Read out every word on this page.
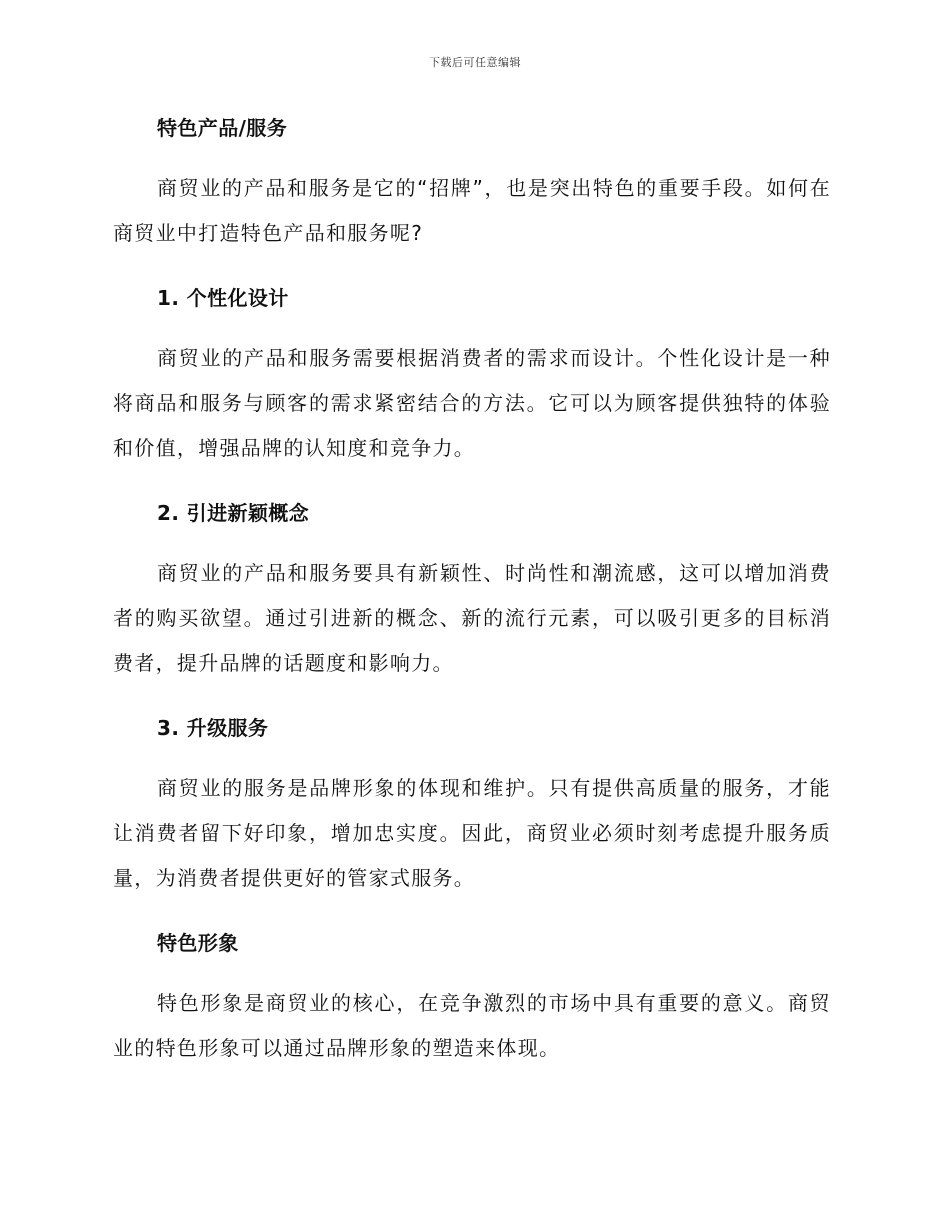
下载后可任意编辑
特色产品/服务

商贸业的产品和服务是它的“招牌”，也是突出特色的重要手段。如何在商贸业中打造特色产品和服务呢?

1. 个性化设计

商贸业的产品和服务需要根据消费者的需求而设计。个性化设计是一种将商品和服务与顾客的需求紧密结合的方法。它可以为顾客提供独特的体验和价值，增强品牌的认知度和竞争力。

2. 引进新颖概念

商贸业的产品和服务要具有新颖性、时尚性和潮流感，这可以增加消费者的购买欲望。通过引进新的概念、新的流行元素，可以吸引更多的目标消费者，提升品牌的话题度和影响力。

3. 升级服务

商贸业的服务是品牌形象的体现和维护。只有提供高质量的服务，才能让消费者留下好印象，增加忠实度。因此，商贸业必须时刻考虑提升服务质量，为消费者提供更好的管家式服务。

特色形象

特色形象是商贸业的核心，在竞争激烈的市场中具有重要的意义。商贸业的特色形象可以通过品牌形象的塑造来体现。
